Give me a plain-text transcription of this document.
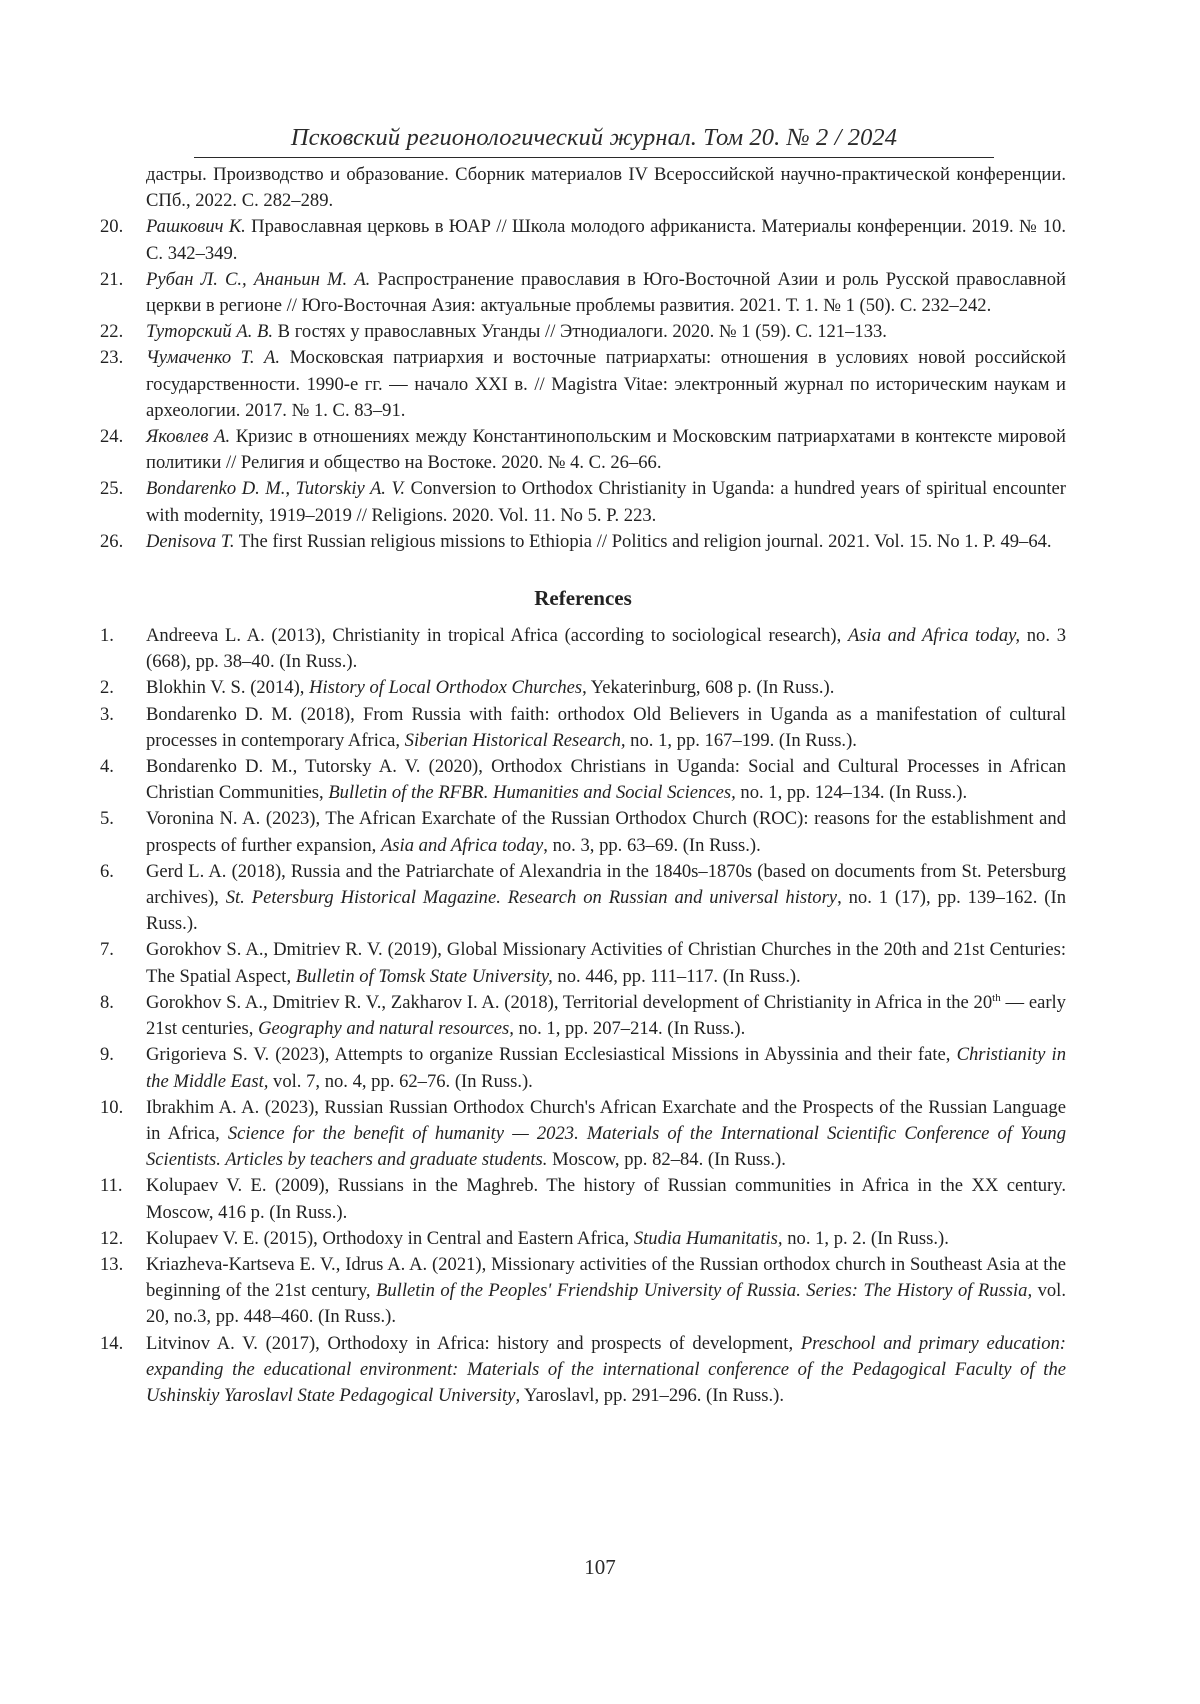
Псковский регионологический журнал. Том 20. № 2 / 2024
дастры. Производство и образование. Сборник материалов IV Всероссийской научно-практической конференции. СПб., 2022. С. 282–289.
20.	Рашкович К. Православная церковь в ЮАР // Школа молодого африканиста. Материалы конференции. 2019. № 10. С. 342–349.
21.	Рубан Л. С., Ананьин М. А. Распространение православия в Юго-Восточной Азии и роль Русской православной церкви в регионе // Юго-Восточная Азия: актуальные проблемы развития. 2021. Т. 1. № 1 (50). С. 232–242.
22.	Туторский А. В. В гостях у православных Уганды // Этнодиалоги. 2020. № 1 (59). С. 121–133.
23.	Чумаченко Т. А. Московская патриархия и восточные патриархаты: отношения в условиях новой российской государственности. 1990-е гг. — начало XXI в. // Magistra Vitae: электронный журнал по историческим наукам и археологии. 2017. № 1. С. 83–91.
24.	Яковлев А. Кризис в отношениях между Константинопольским и Московским патриархатами в контексте мировой политики // Религия и общество на Востоке. 2020. № 4. С. 26–66.
25.	Bondarenko D. M., Tutorskiy A. V. Conversion to Orthodox Christianity in Uganda: a hundred years of spiritual encounter with modernity, 1919–2019 // Religions. 2020. Vol. 11. No 5. P. 223.
26.	Denisova T. The first Russian religious missions to Ethiopia // Politics and religion journal. 2021. Vol. 15. No 1. P. 49–64.
References
1.	Andreeva L. A. (2013), Christianity in tropical Africa (according to sociological research), Asia and Africa today, no. 3 (668), pp. 38–40. (In Russ.).
2.	Blokhin V. S. (2014), History of Local Orthodox Churches, Yekaterinburg, 608 p. (In Russ.).
3.	Bondarenko D. M. (2018), From Russia with faith: orthodox Old Believers in Uganda as a manifestation of cultural processes in contemporary Africa, Siberian Historical Research, no. 1, pp. 167–199. (In Russ.).
4.	Bondarenko D. M., Tutorsky A. V. (2020), Orthodox Christians in Uganda: Social and Cultural Processes in African Christian Communities, Bulletin of the RFBR. Humanities and Social Sciences, no. 1, pp. 124–134. (In Russ.).
5.	Voronina N. A. (2023), The African Exarchate of the Russian Orthodox Church (ROC): reasons for the establishment and prospects of further expansion, Asia and Africa today, no. 3, pp. 63–69. (In Russ.).
6.	Gerd L. A. (2018), Russia and the Patriarchate of Alexandria in the 1840s–1870s (based on documents from St. Petersburg archives), St. Petersburg Historical Magazine. Research on Russian and universal history, no. 1 (17), pp. 139–162. (In Russ.).
7.	Gorokhov S. A., Dmitriev R. V. (2019), Global Missionary Activities of Christian Churches in the 20th and 21st Centuries: The Spatial Aspect, Bulletin of Tomsk State University, no. 446, pp. 111–117. (In Russ.).
8.	Gorokhov S. A., Dmitriev R. V., Zakharov I. A. (2018), Territorial development of Christianity in Africa in the 20th — early 21st centuries, Geography and natural resources, no. 1, pp. 207–214. (In Russ.).
9.	Grigorieva S. V. (2023), Attempts to organize Russian Ecclesiastical Missions in Abyssinia and their fate, Christianity in the Middle East, vol. 7, no. 4, pp. 62–76. (In Russ.).
10.	Ibrakhim A. A. (2023), Russian Russian Orthodox Church's African Exarchate and the Prospects of the Russian Language in Africa, Science for the benefit of humanity — 2023. Materials of the International Scientific Conference of Young Scientists. Articles by teachers and graduate students. Moscow, pp. 82–84. (In Russ.).
11.	Kolupaev V. E. (2009), Russians in the Maghreb. The history of Russian communities in Africa in the XX century. Moscow, 416 p. (In Russ.).
12.	Kolupaev V. E. (2015), Orthodoxy in Central and Eastern Africa, Studia Humanitatis, no. 1, p. 2. (In Russ.).
13.	Kriazheva-Kartseva E. V., Idrus A. A. (2021), Missionary activities of the Russian orthodox church in Southeast Asia at the beginning of the 21st century, Bulletin of the Peoples' Friendship University of Russia. Series: The History of Russia, vol. 20, no.3, pp. 448–460. (In Russ.).
14.	Litvinov A. V. (2017), Orthodoxy in Africa: history and prospects of development, Preschool and primary education: expanding the educational environment: Materials of the international conference of the Pedagogical Faculty of the Ushinskiy Yaroslavl State Pedagogical University, Yaroslavl, pp. 291–296. (In Russ.).
107
